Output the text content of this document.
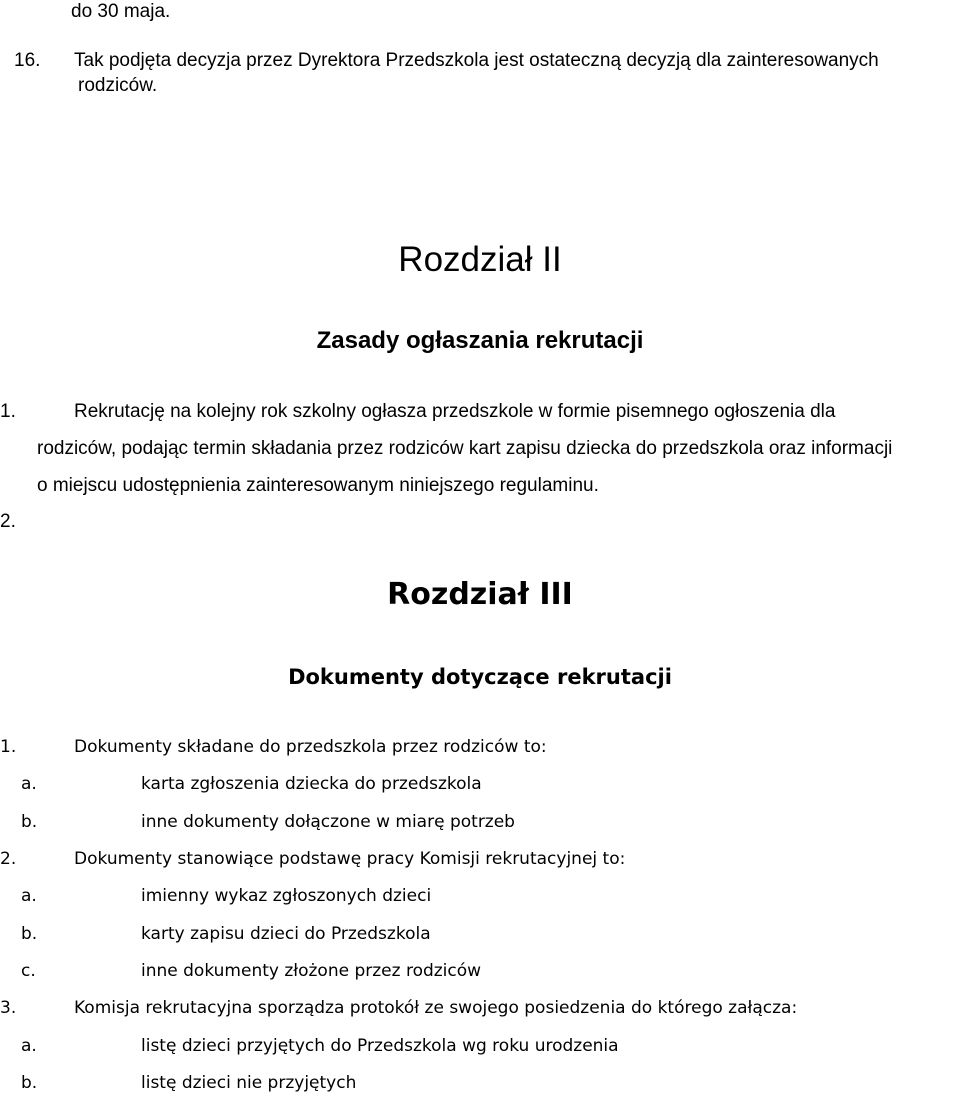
do 30 maja.
16. Tak podjęta decyzja przez Dyrektora Przedszkola jest ostateczną decyzją dla zainteresowanych
rodziców.
Rozdział II
Zasady ogłaszania rekrutacji
1.	Rekrutację na kolejny rok szkolny ogłasza przedszkole w formie pisemnego ogłoszenia dla
rodziców, podając termin składania przez rodziców kart zapisu dziecka do przedszkola oraz informacji
o miejscu udostępnienia zainteresowanym niniejszego regulaminu.
2.
Rozdział III
Dokumenty dotyczące rekrutacji
1.	Dokumenty składane do przedszkola przez rodziców to:
a.	karta zgłoszenia dziecka do przedszkola
b.	inne dokumenty dołączone w miarę potrzeb
2.	Dokumenty stanowiące podstawę pracy Komisji rekrutacyjnej to:
a.	imienny wykaz zgłoszonych dzieci
b.	karty zapisu dzieci do Przedszkola
c.	inne dokumenty złożone przez rodziców
3.	Komisja rekrutacyjna sporządza protokół ze swojego posiedzenia do którego załącza:
a.	listę dzieci przyjętych do Przedszkola wg roku urodzenia
b.	listę dzieci nie przyjętych
